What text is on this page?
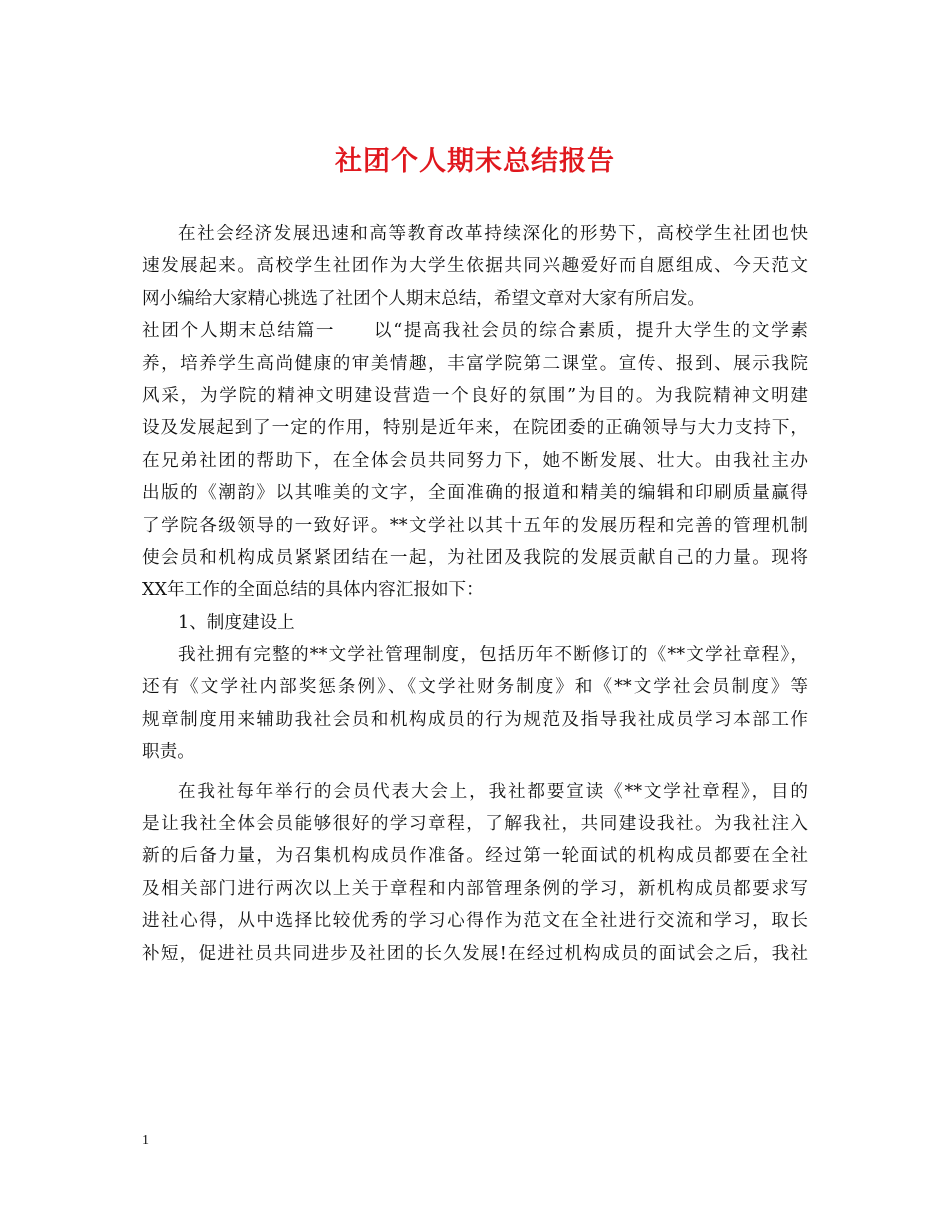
社团个人期末总结报告
在社会经济发展迅速和高等教育改革持续深化的形势下，高校学生社团也快
速发展起来。高校学生社团作为大学生依据共同兴趣爱好而自愿组成、今天范文
网小编给大家精心挑选了社团个人期末总结，希望文章对大家有所启发。
社团个人期末总结篇一　　以“提高我社会员的综合素质，提升大学生的文学素
养，培养学生高尚健康的审美情趣，丰富学院第二课堂。宣传、报到、展示我院
风采，为学院的精神文明建设营造一个良好的氛围”为目的。为我院精神文明建
设及发展起到了一定的作用，特别是近年来，在院团委的正确领导与大力支持下，
在兄弟社团的帮助下，在全体会员共同努力下，她不断发展、壮大。由我社主办
出版的《潮韵》以其唯美的文字，全面准确的报道和精美的编辑和印刷质量赢得
了学院各级领导的一致好评。**文学社以其十五年的发展历程和完善的管理机制
使会员和机构成员紧紧团结在一起，为社团及我院的发展贡献自己的力量。现将
XX年工作的全面总结的具体内容汇报如下：
1、制度建设上
我社拥有完整的**文学社管理制度，包括历年不断修订的《**文学社章程》，
还有《文学社内部奖惩条例》、《文学社财务制度》和《**文学社会员制度》等
规章制度用来辅助我社会员和机构成员的行为规范及指导我社成员学习本部工作
职责。
在我社每年举行的会员代表大会上，我社都要宣读《**文学社章程》，目的
是让我社全体会员能够很好的学习章程，了解我社，共同建设我社。为我社注入
新的后备力量，为召集机构成员作准备。经过第一轮面试的机构成员都要在全社
及相关部门进行两次以上关于章程和内部管理条例的学习，新机构成员都要求写
进社心得，从中选择比较优秀的学习心得作为范文在全社进行交流和学习，取长
补短，促进社员共同进步及社团的长久发展!在经过机构成员的面试会之后，我社
1
